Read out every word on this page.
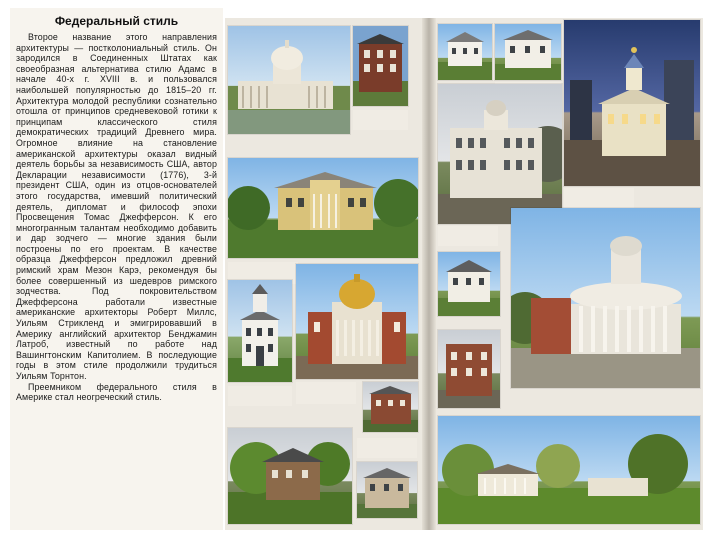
Федеральный стиль

Второе название этого направления архитектуры — постколониальный стиль. Он зародился в Соединенных Штатах как своеобразная альтернатива стилю Адамс в начале 40-х г. XVIII в. и пользовался наибольшей популярностью до 1815–20 гг. Архитектура молодой республики сознательно отошла от принципов средневековой готики к принципам классического стиля демократических традиций Древнего мира. Огромное влияние на становление американской архитектуры оказал видный деятель борьбы за независимость США, автор Декларации независимости (1776), 3-й президент США, один из отцов-основателей этого государства, имевший политический деятель, дипломат и философ эпохи Просвещения Томас Джефферсон. К его многогранным талантам необходимо добавить и дар зодчего — многие здания были построены по его проектам. В качестве образца Джефферсон предложил древний римский храм Мезон Карэ, рекомендуя бы более совершенный из шедевров римского зодчества. Под покровительством Джефферсона работали известные американские архитекторы Роберт Миллс, Уильям Стрикленд и эмигрировавший в Америку английский архитектор Бенджамин Латроб, известный по работе над Вашингтонским Капитолием. В последующие годы в этом стиле продолжили трудиться Уильям Торнтон.

Преемником федерального стиля в Америке стал неогреческий стиль.
